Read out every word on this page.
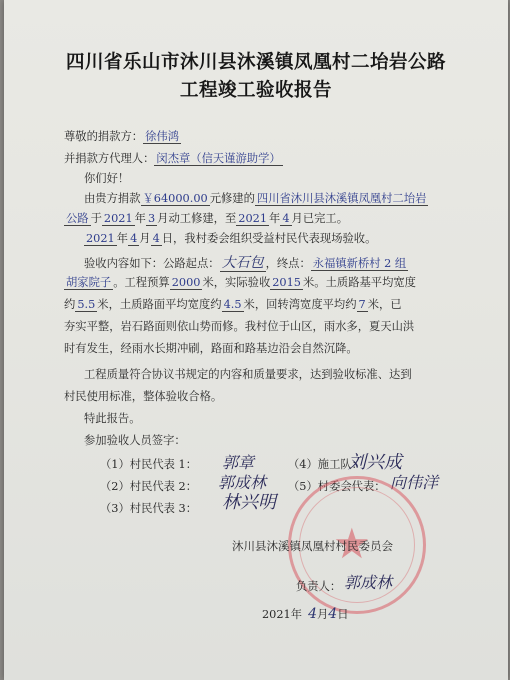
四川省乐山市沐川县沐溪镇凤凰村二坮岩公路
工程竣工验收报告
尊敬的捐款方： 徐伟鸿
并捐款方代理人： 闵杰章（信天谨游助学）
你们好！
由贵方捐款 ￥64000.00 元修建的 四川省沐川县沐溪镇凤凰村二坮岩
公路 于 2021 年 3 月动工修建，至 2021 年 4 月已完工。
2021 年 4 月 4 日，我村委会组织受益村民代表现场验收。
验收内容如下：公路起点： 大石包 ，终点： 永福镇新桥村 2 组
胡家院子 。工程预算 2000 米，实际验收 2015 米。土质路基平均宽度
约 5.5 米，土质路面平均宽度约 4.5 米，回转湾宽度平均约 7 米，已
夯实平整，岩石路面则依山势而修。我村位于山区，雨水多，夏天山洪
时有发生，经雨水长期冲刷，路面和路基边沿会自然沉降。
工程质量符合协议书规定的内容和质量要求，达到验收标准、达到
村民使用标准，整体验收合格。
特此报告。
参加验收人员签字：
（1）村民代表 1： 郭章
（2）村民代表 2： 郭成林
（3）村民代表 3： 林兴明
（4）施工队：
刘兴成
（5）村委会代表： 向伟洋
★
沐川县沐溪镇凤凰村村民委员会
负责人： 郭成林
2021年 4月4日
